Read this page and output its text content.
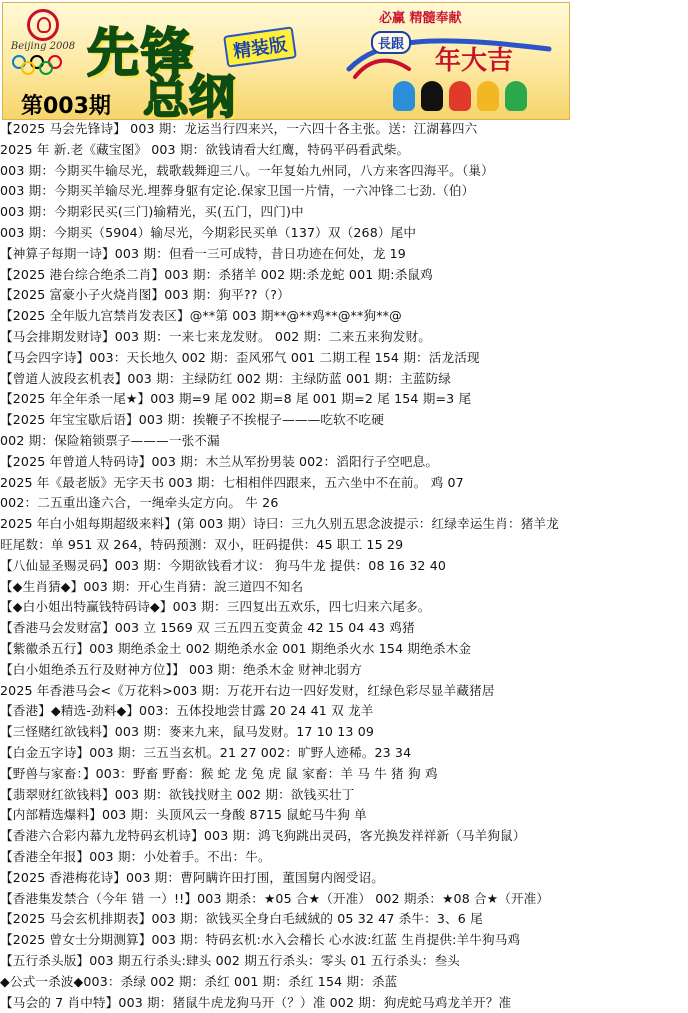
Beijing 2008 先锋	精装版
总纲
第003期
必赢 精髓奉献
年大吉
長跟
【2025 马会先锋诗】 003 期：龙运当行四来兴，一六四十各主张。送：江湖暮四六
2025 年 新.老《藏宝图》 003 期：欲钱请看大红鹰，特码平码看武柴。
003 期：今期买牛输尽光，载歌载舞迎三八。一年复始九州同，八方来客四海平。（巢）
003 期：今期买羊输尽光.埋葬身躯有定论.保家卫国一片情，一六冲锋二七劲.（伯）
003 期：今期彩民买(三门)输精光，买(五门，四门)中
003 期：今期买（5904）输尽光，今期彩民买单（137）双（268）尾中
【神算子每期一诗】003 期：但看一三可成特，昔日功迹在何处，龙 19
【2025 港台综合绝杀二肖】003 期：杀猪羊 002 期:杀龙蛇 001 期:杀鼠鸡
【2025 富豪小子火烧肖图】003 期：狗平??（?）
【2025 全年版九宫禁肖发表区】@**第 003 期**@**鸡**@**狗**@
【马会排期发财诗】003 期：一来七来龙发财。 002 期：二来五来狗发财。
【马会四字诗】003：天长地久 002 期：歪风邪气 001 二期工程 154 期：活龙活现
【曾道人波段玄机表】003 期：主绿防红 002 期：主绿防蓝 001 期：主蓝防绿
【2025 年全年杀一尾★】003 期=9 尾 002 期=8 尾 001 期=2 尾 154 期=3 尾
【2025 年宝宝歇后语】003 期：挨鞭子不挨棍子———吃软不吃硬
002 期：保险箱锁票子———一张不漏
【2025 年曾道人特码诗】003 期：木兰从军扮男装 002：滔阳行子空吧息。
2025 年《最老版》无字天书 003 期：七相相伴四跟来，五六坐中不在前。 鸡 07
002：二五重出逢六合，一绳牵头定方向。 牛 26
2025 年白小姐每期超级来料】(第 003 期）诗曰：三九久别五思念波提示：红绿幸运生肖：猪羊龙
旺尾数：单 951 双 264，特码预测：双小，旺码提供：45 职工 15 29
【八仙显圣赐灵码】003 期：今期欲钱看才议： 狗马牛龙 提供：08 16 32 40
【◆生肖猜◆】003 期：开心生肖猜：說三道四不知名
【◆白小姐出特赢钱特码诗◆】003 期：三四复出五欢乐，四七归来六尾多。
【香港马会发财富】003 立 1569 双 三五四五变黄金 42 15 04 43 鸡猪
【紫徽杀五行】003 期绝杀金土 002 期绝杀水金 001 期绝杀火水 154 期绝杀木金
【白小姐绝杀五行及财神方位】】 003 期：绝杀木金 财神北弱方
2025 年香港马会<《万花料>003 期：万花开右边一四好发财，红绿色彩尽显羊藏猪居
【香港】◆精选-劲料◆】003：五体投地尝甘露 20 24 41 双 龙羊
【三怪赌红欲钱料】003 期：麥来九来，鼠马发财。17 10 13 09
【白金五字诗】003 期：三五当玄机。21 27 002：旷野人迹稀。23 34
【野兽与家畜：】003：野畜 野畜：猴 蛇 龙 兔 虎 鼠 家畜：羊 马 牛 猪 狗 鸡
【翡翠财红欲钱料】003 期：欲钱找财主 002 期：欲钱买壮丁
【内部精选爆料】003 期：头顶风云一身酸 8715 鼠蛇马牛狗 单
【香港六合彩内幕九龙特码玄机诗】003 期：鸿飞狗跳出灵码，客光换发祥祥新（马羊狗鼠）
【香港全年报】003 期：小处着手。不出：牛。
【2025 香港梅花诗】003 期：曹阿瞒许田打围，董国舅内阁受诏。
【香港集发禁合（今年 错 一）!!】003 期杀：★05 合★（开准） 002 期杀：★08 合★（开准）
【2025 马会玄机排期表】003 期：欲钱买全身白毛絨絨的 05 32 47 杀牛：3、6 尾
【2025 曾女士分期测算】003 期：特码玄机:水入会稽长 心水波:红蓝 生肖提供:羊牛狗马鸡
【五行杀头版】003 期五行杀头:肆头 002 期五行杀头：零头 01 五行杀头：叁头
◆公式一杀波◆003：杀绿 002 期：杀红 001 期：杀红 154 期：杀蓝
【马会的 7 肖中特】003 期：猪鼠牛虎龙狗马开（？）准 002 期：狗虎蛇马鸡龙羊开？准
